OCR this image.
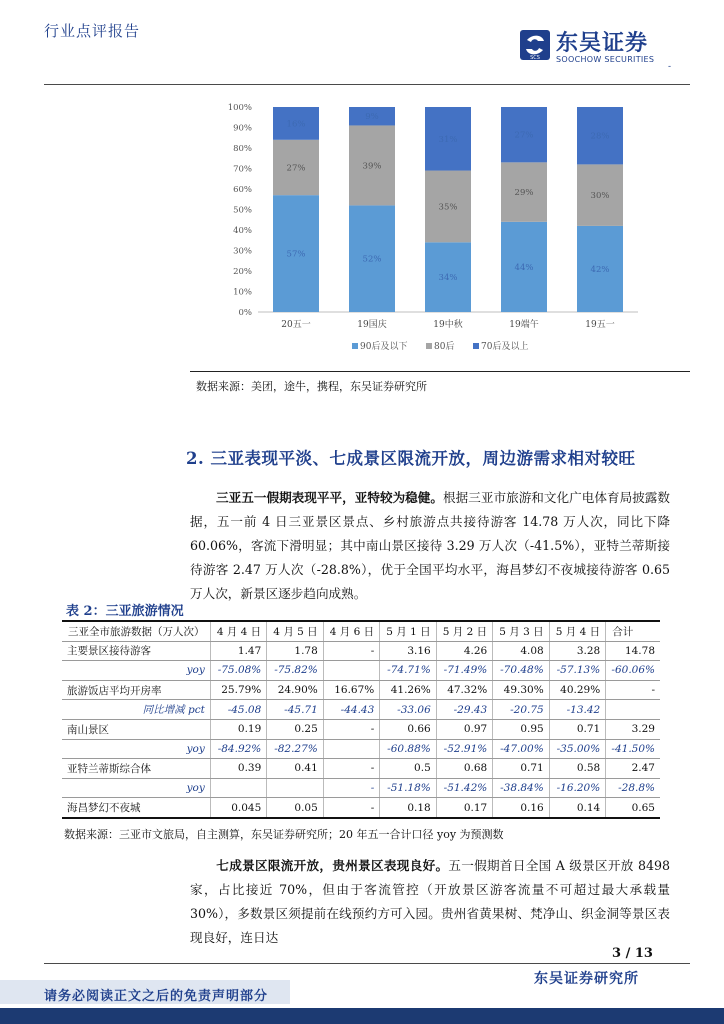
行业点评报告
SCS
东吴证券
SOOCHOW SECURITIES
-
0%
10%
20%
30%
40%
50%
60%
70%
80%
90%
100%
57%
27%
16%
20五一
52%
39%
9%
19国庆
34%
35%
31%
19中秋
44%
29%
27%
19端午
42%
30%
28%
19五一
90后及以下	80后	70后及以上
数据来源：美团，途牛，携程，东吴证券研究所
2. 三亚表现平淡、七成景区限流开放，周边游需求相对较旺
三亚五一假期表现平平，亚特较为稳健。根据三亚市旅游和文化广电体育局披露数据，五一前 4 日三亚景区景点、乡村旅游点共接待游客 14.78 万人次，同比下降 60.06%，客流下滑明显；其中南山景区接待 3.29 万人次（-41.5%），亚特兰蒂斯接待游客 2.47 万人次（-28.8%），优于全国平均水平，海昌梦幻不夜城接待游客 0.65 万人次，新景区逐步趋向成熟。
表 2：三亚旅游情况
三亚全市旅游数据（万人次）	4 月 4 日	4 月 5 日	4 月 6 日	5 月 1 日	5 月 2 日	5 月 3 日	5 月 4 日	合计
主要景区接待游客	1.47	1.78	-	3.16	4.26	4.08	3.28	14.78
yoy	-75.08%	-75.82%		-74.71%	-71.49%	-70.48%	-57.13%	-60.06%
旅游饭店平均开房率	25.79%	24.90%	16.67%	41.26%	47.32%	49.30%	40.29%	-
同比增减 pct	-45.08	-45.71	-44.43	-33.06	-29.43	-20.75	-13.42	
南山景区	0.19	0.25	-	0.66	0.97	0.95	0.71	3.29
yoy	-84.92%	-82.27%		-60.88%	-52.91%	-47.00%	-35.00%	-41.50%
亚特兰蒂斯综合体	0.39	0.41	-	0.5	0.68	0.71	0.58	2.47
yoy			-	-51.18%	-51.42%	-38.84%	-16.20%	-28.8%
海昌梦幻不夜城	0.045	0.05	-	0.18	0.17	0.16	0.14	0.65
数据来源：三亚市文旅局，自主测算，东吴证券研究所；20 年五一合计口径 yoy 为预测数
七成景区限流开放，贵州景区表现良好。五一假期首日全国 A 级景区开放 8498 家，占比接近 70%，但由于客流管控（开放景区游客流量不可超过最大承载量 30%），多数景区须提前在线预约方可入园。贵州省黄果树、梵净山、织金洞等景区表现良好，连日达
3 / 13
东吴证券研究所
请务必阅读正文之后的免责声明部分
